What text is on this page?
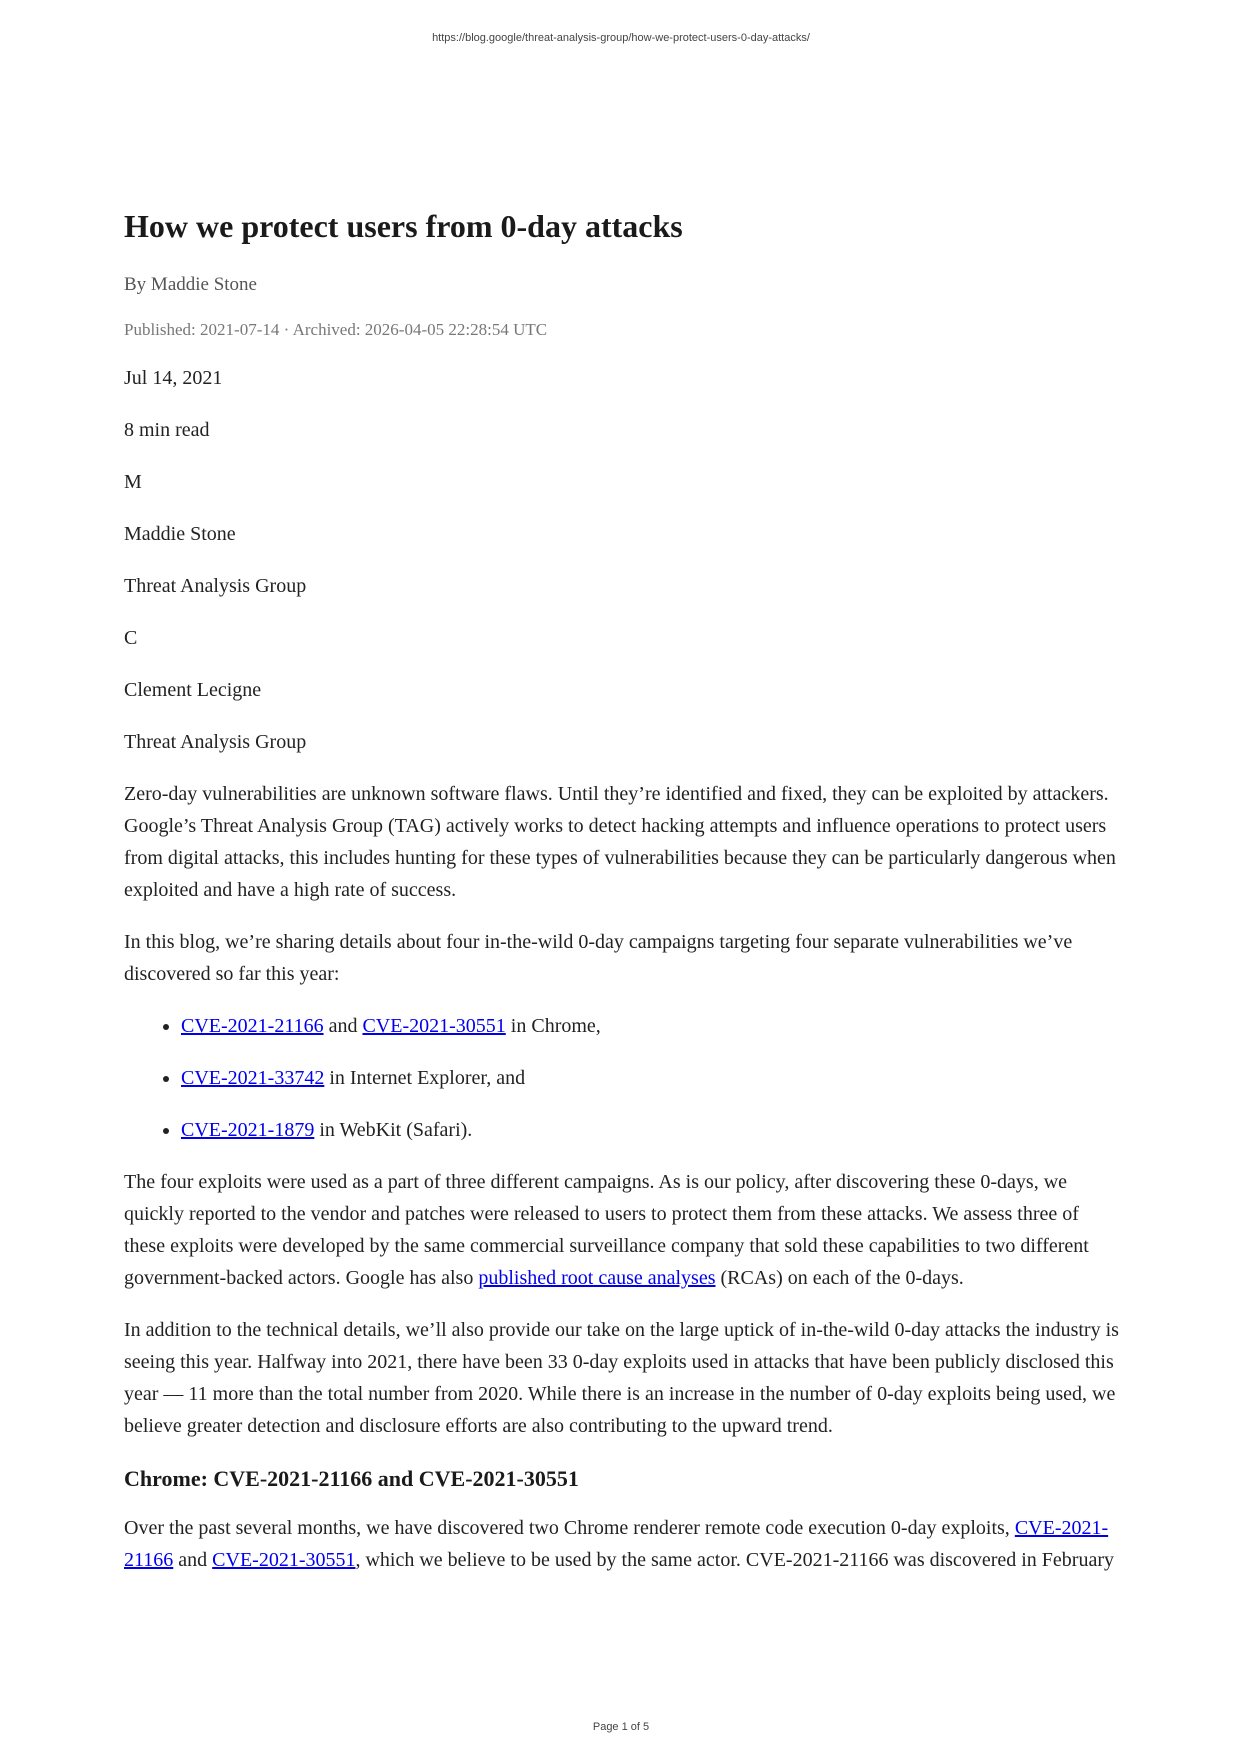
https://blog.google/threat-analysis-group/how-we-protect-users-0-day-attacks/
How we protect users from 0-day attacks
By Maddie Stone
Published: 2021-07-14 · Archived: 2026-04-05 22:28:54 UTC

Jul 14, 2021

8 min read

M

Maddie Stone

Threat Analysis Group

C

Clement Lecigne

Threat Analysis Group

Zero-day vulnerabilities are unknown software flaws. Until they’re identified and fixed, they can be exploited by attackers. Google’s Threat Analysis Group (TAG) actively works to detect hacking attempts and influence operations to protect users from digital attacks, this includes hunting for these types of vulnerabilities because they can be particularly dangerous when exploited and have a high rate of success.

In this blog, we’re sharing details about four in-the-wild 0-day campaigns targeting four separate vulnerabilities we’ve discovered so far this year:

• CVE-2021-21166 and CVE-2021-30551 in Chrome,
• CVE-2021-33742 in Internet Explorer, and
• CVE-2021-1879 in WebKit (Safari).

The four exploits were used as a part of three different campaigns. As is our policy, after discovering these 0-days, we quickly reported to the vendor and patches were released to users to protect them from these attacks. We assess three of these exploits were developed by the same commercial surveillance company that sold these capabilities to two different government-backed actors. Google has also published root cause analyses (RCAs) on each of the 0-days.

In addition to the technical details, we’ll also provide our take on the large uptick of in-the-wild 0-day attacks the industry is seeing this year. Halfway into 2021, there have been 33 0-day exploits used in attacks that have been publicly disclosed this year — 11 more than the total number from 2020. While there is an increase in the number of 0-day exploits being used, we believe greater detection and disclosure efforts are also contributing to the upward trend.

Chrome: CVE-2021-21166 and CVE-2021-30551

Over the past several months, we have discovered two Chrome renderer remote code execution 0-day exploits, CVE-2021-21166 and CVE-2021-30551, which we believe to be used by the same actor. CVE-2021-21166 was discovered in February

Page 1 of 5
